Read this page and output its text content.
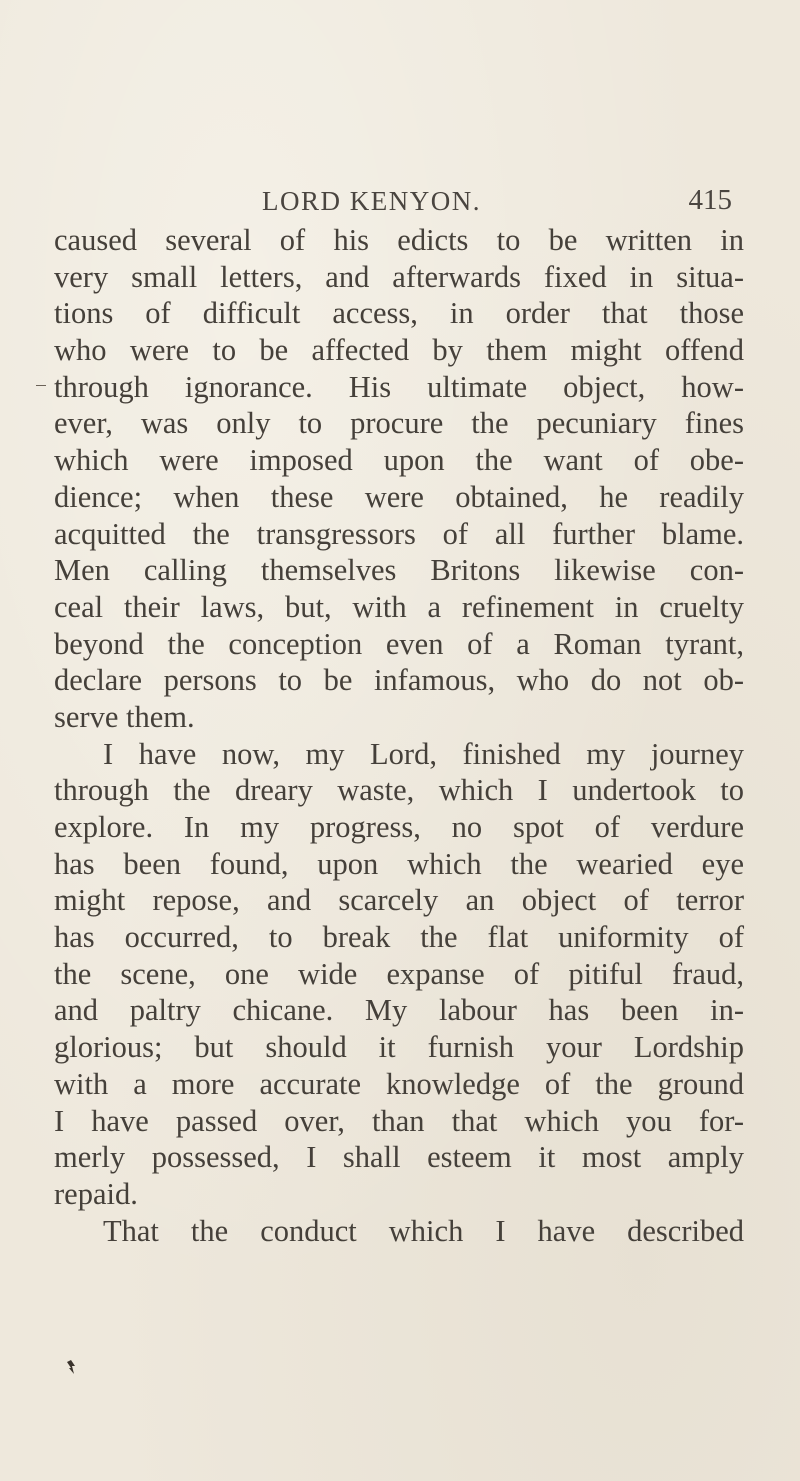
LORD KENYON.	415
caused several of his edicts to be written in
very small letters, and afterwards fixed in situa-
tions of difficult access, in order that those
who were to be affected by them might offend
through ignorance. His ultimate object, how-
ever, was only to procure the pecuniary fines
which were imposed upon the want of obe-
dience; when these were obtained, he readily
acquitted the transgressors of all further blame.
Men calling themselves Britons likewise con-
ceal their laws, but, with a refinement in cruelty
beyond the conception even of a Roman tyrant,
declare persons to be infamous, who do not ob-
serve them.
I have now, my Lord, finished my journey
through the dreary waste, which I undertook to
explore. In my progress, no spot of verdure
has been found, upon which the wearied eye
might repose, and scarcely an object of terror
has occurred, to break the flat uniformity of
the scene, one wide expanse of pitiful fraud,
and paltry chicane. My labour has been in-
glorious; but should it furnish your Lordship
with a more accurate knowledge of the ground
I have passed over, than that which you for-
merly possessed, I shall esteem it most amply
repaid.
That the conduct which I have described
